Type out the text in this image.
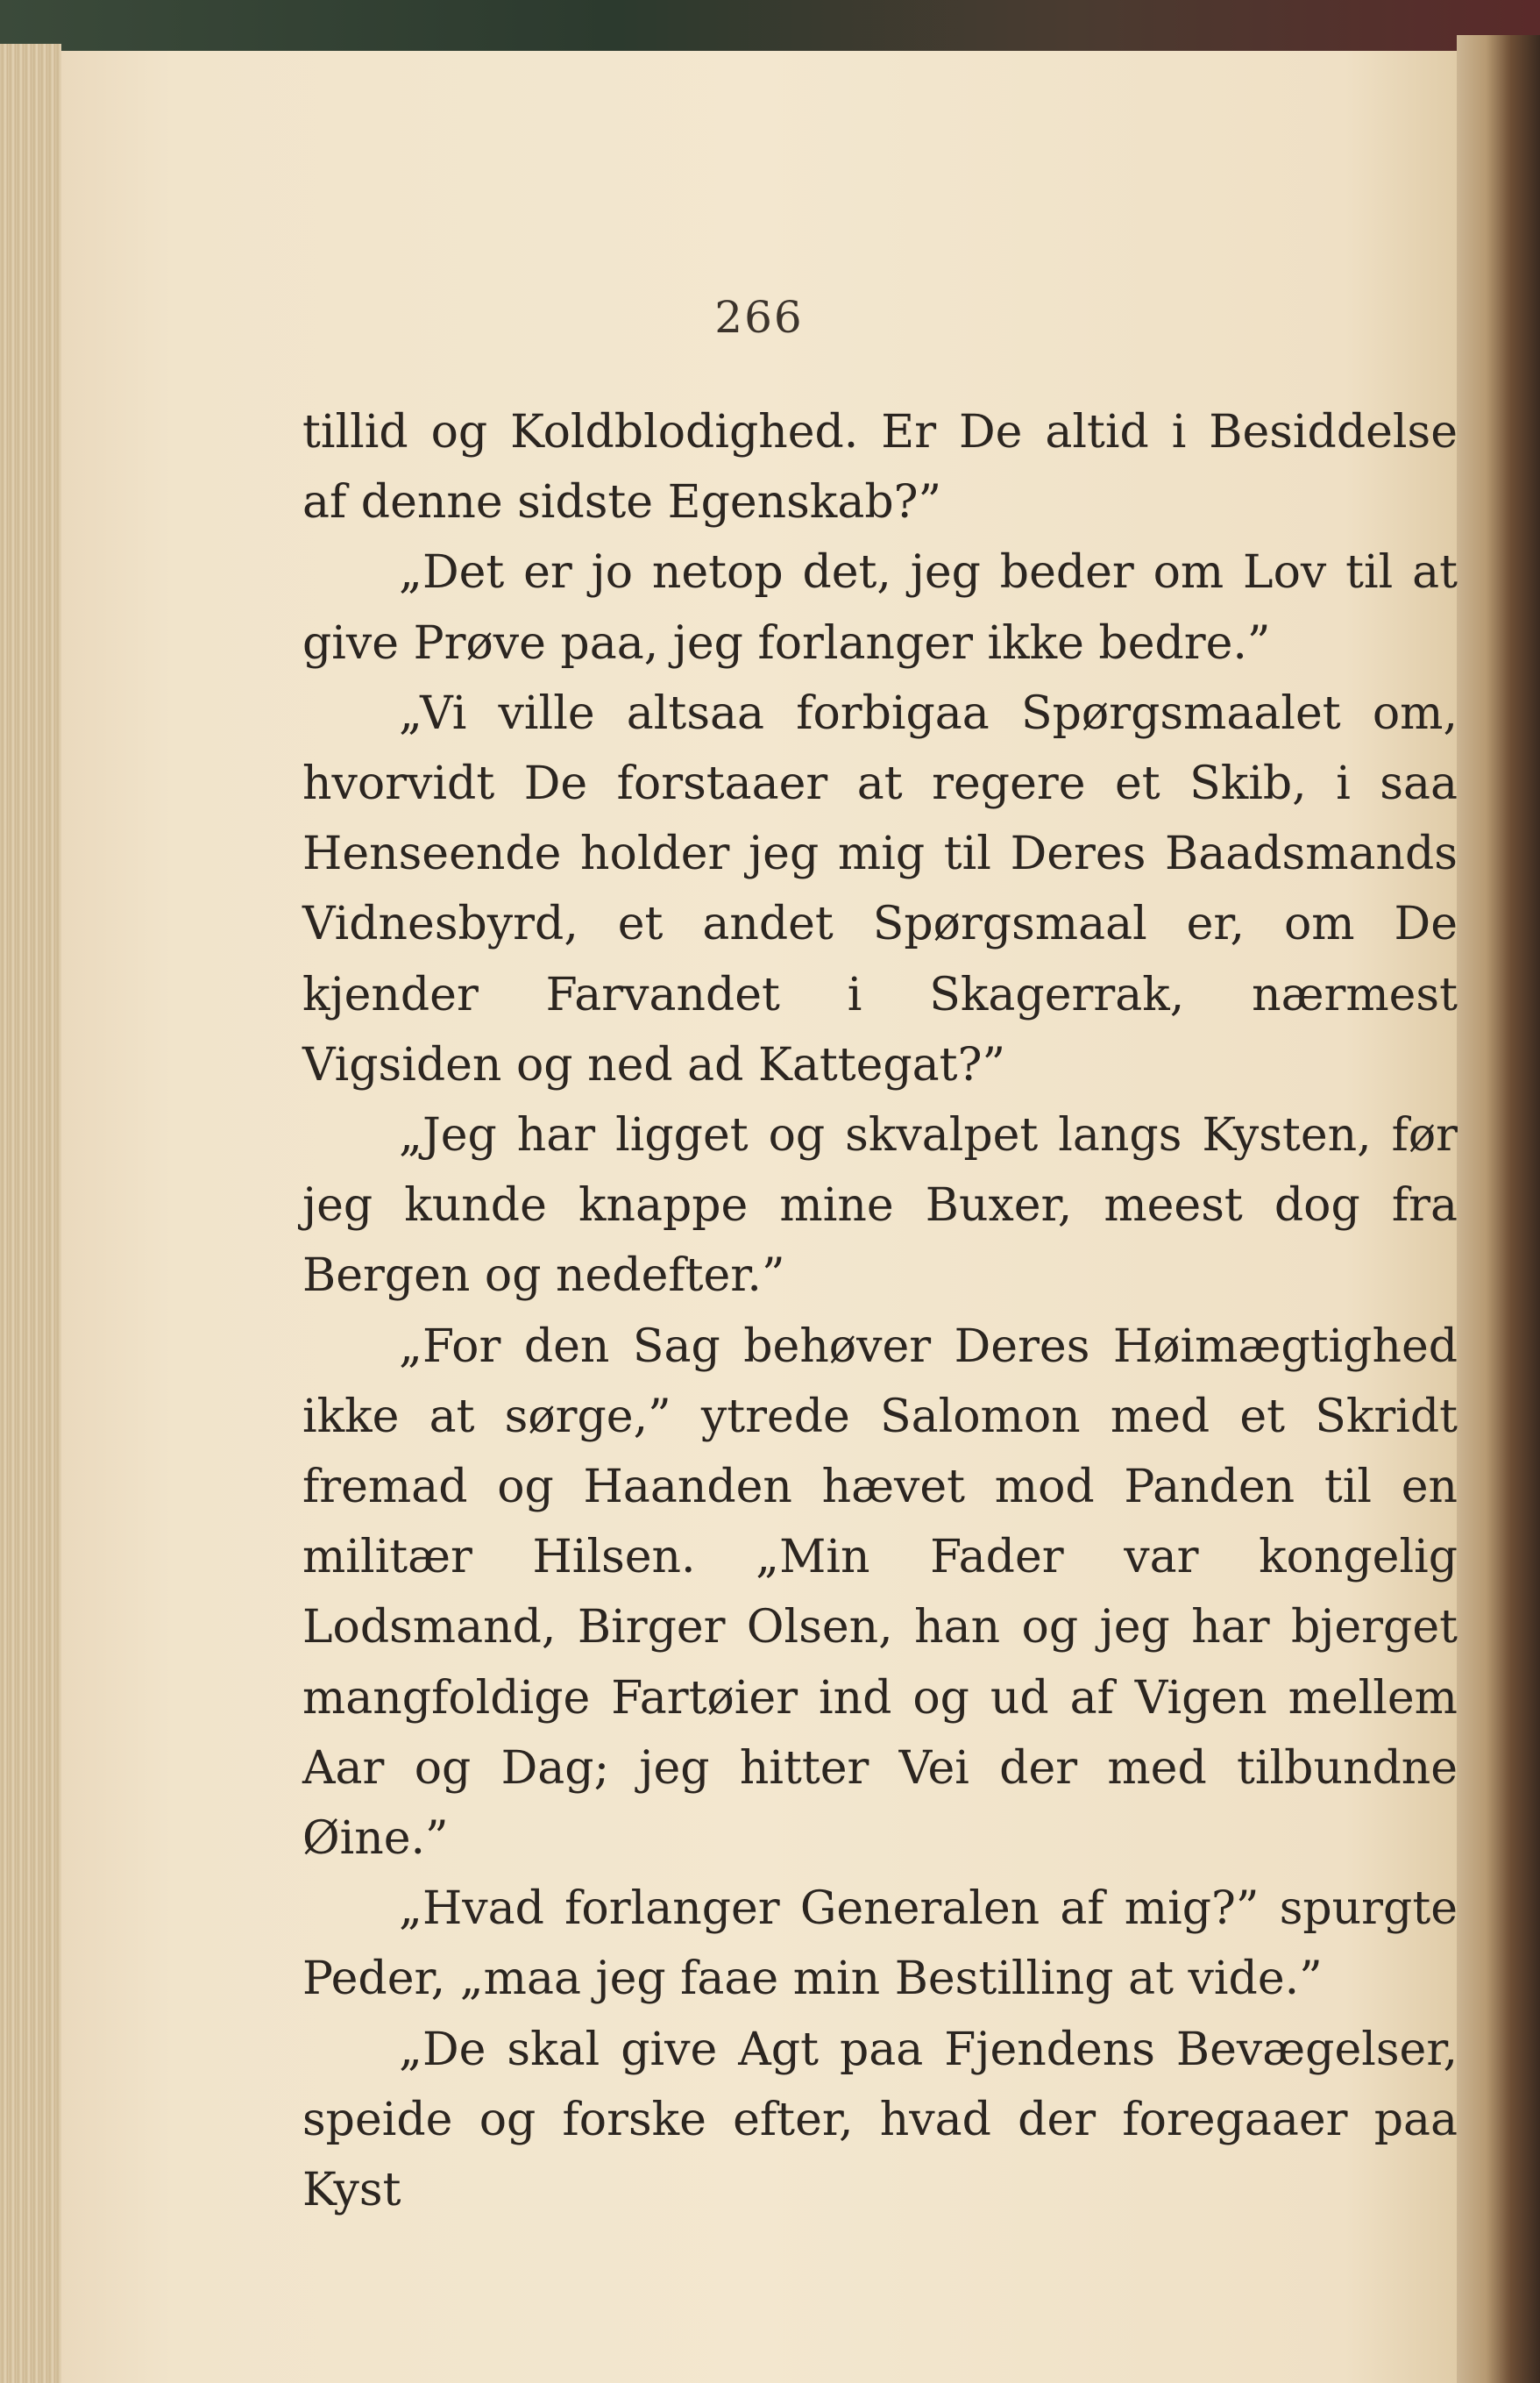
266

tillid og Koldblodighed. Er De altid i Besiddelse af denne sidste Egenskab?”

„Det er jo netop det, jeg beder om Lov til at give Prøve paa, jeg forlanger ikke bedre.”

„Vi ville altsaa forbigaa Spørgsmaalet om, hvorvidt De forstaaer at regere et Skib, i saa Henseende holder jeg mig til Deres Baadsmands Vidnesbyrd, et andet Spørgsmaal er, om De kjender Farvandet i Skagerrak, nærmest Vigsiden og ned ad Kattegat?”

„Jeg har ligget og skvalpet langs Kysten, før jeg kunde knappe mine Buxer, meest dog fra Bergen og nedefter.”

„For den Sag behøver Deres Høimægtighed ikke at sørge,” ytrede Salomon med et Skridt fremad og Haanden hævet mod Panden til en militær Hilsen. „Min Fader var kongelig Lodsmand, Birger Olsen, han og jeg har bjerget mangfoldige Fartøier ind og ud af Vigen mellem Aar og Dag; jeg hitter Vei der med tilbundne Øine.”

„Hvad forlanger Generalen af mig?” spurgte Peder, „maa jeg faae min Bestilling at vide.”

„De skal give Agt paa Fjendens Bevægelser, speide og forske efter, hvad der foregaaer paa Kyst
